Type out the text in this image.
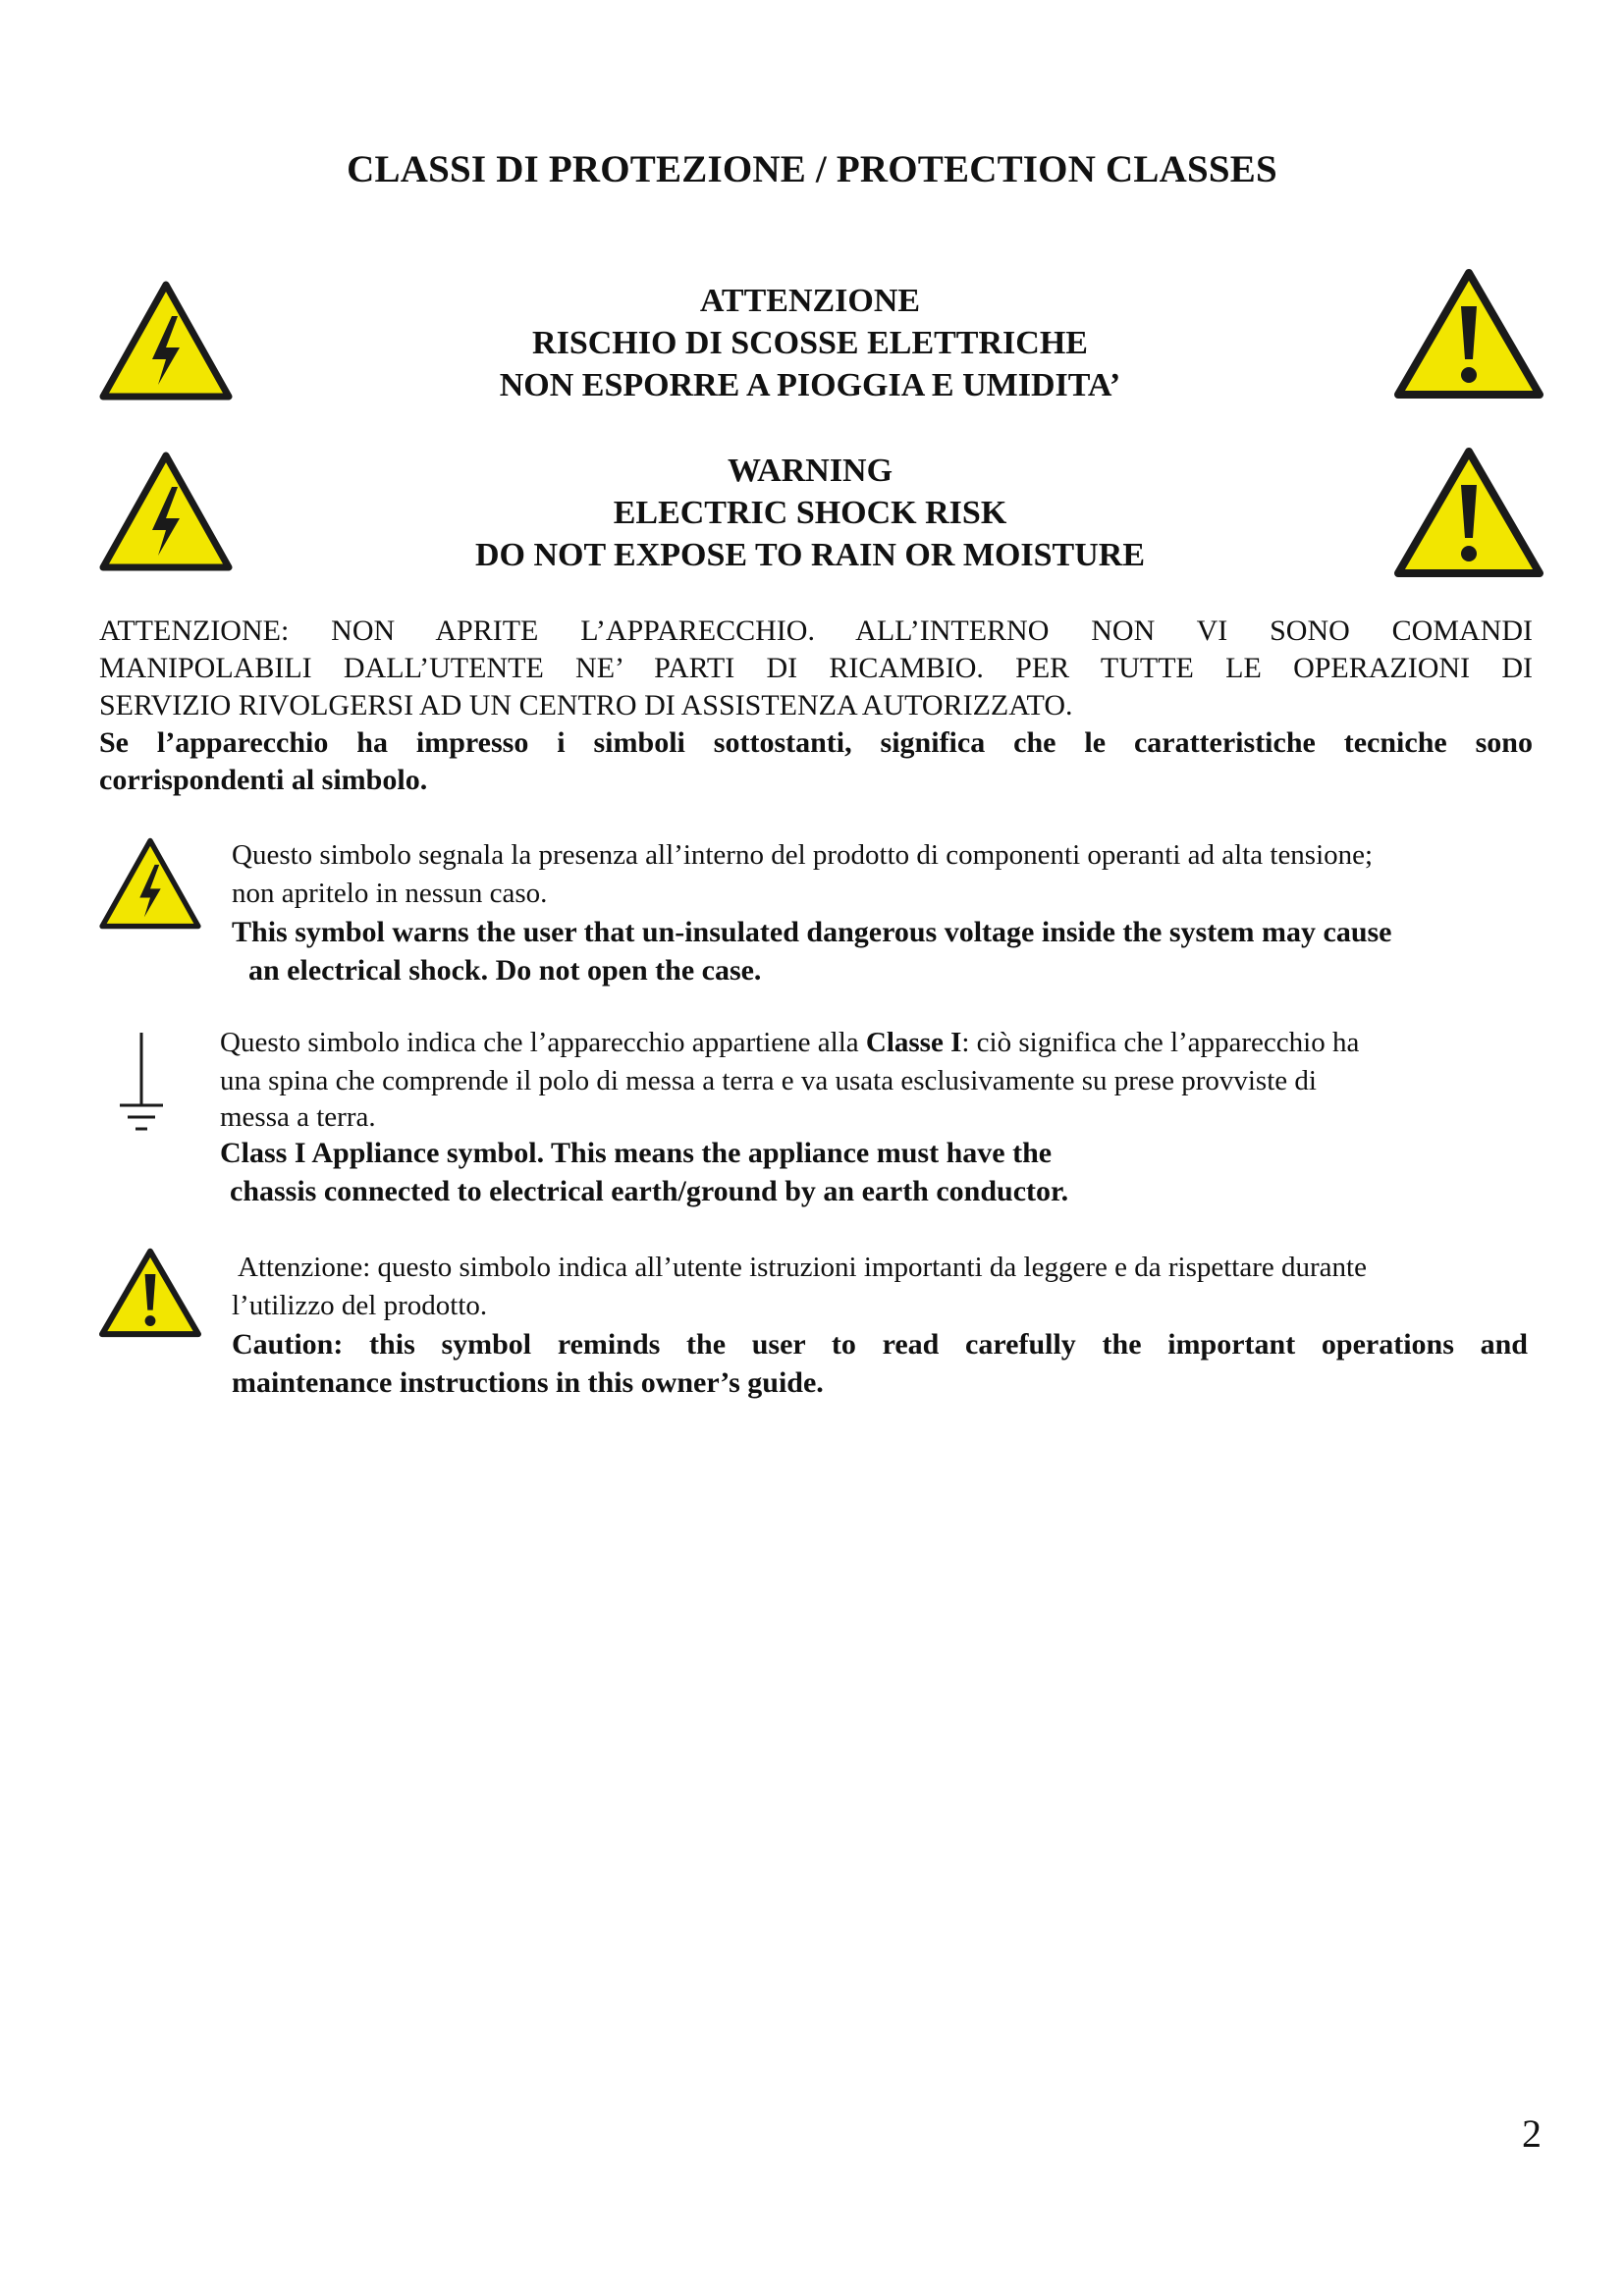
CLASSI DI PROTEZIONE / PROTECTION CLASSES
ATTENZIONE
RISCHIO DI SCOSSE ELETTRICHE
NON ESPORRE A PIOGGIA E UMIDITA’
WARNING
ELECTRIC SHOCK RISK
DO NOT EXPOSE TO RAIN OR MOISTURE
ATTENZIONE: NON APRITE L’APPARECCHIO. ALL’INTERNO NON VI SONO COMANDI
MANIPOLABILI DALL’UTENTE NE’ PARTI DI RICAMBIO. PER TUTTE LE OPERAZIONI DI
SERVIZIO RIVOLGERSI AD UN CENTRO DI ASSISTENZA AUTORIZZATO.
Se l’apparecchio ha impresso i simboli sottostanti, significa che le caratteristiche tecniche sono
corrispondenti al simbolo.
Questo simbolo segnala la presenza all’interno del prodotto di componenti operanti ad alta tensione;
non apritelo in nessun caso.
This symbol warns the user that un-insulated dangerous voltage inside the system may cause
an electrical shock. Do not open the case.
Questo simbolo indica che l’apparecchio appartiene alla Classe I: ciò significa che l’apparecchio ha
una spina che comprende il polo di messa a terra e va usata esclusivamente su prese provviste di
messa a terra.
Class I Appliance symbol. This means the appliance must have the
chassis connected to electrical earth/ground by an earth conductor.
Attenzione: questo simbolo indica all’utente istruzioni importanti da leggere e da rispettare durante
l’utilizzo del prodotto.
Caution: this symbol reminds the user to read carefully the important operations and
maintenance instructions in this owner’s guide.
2
